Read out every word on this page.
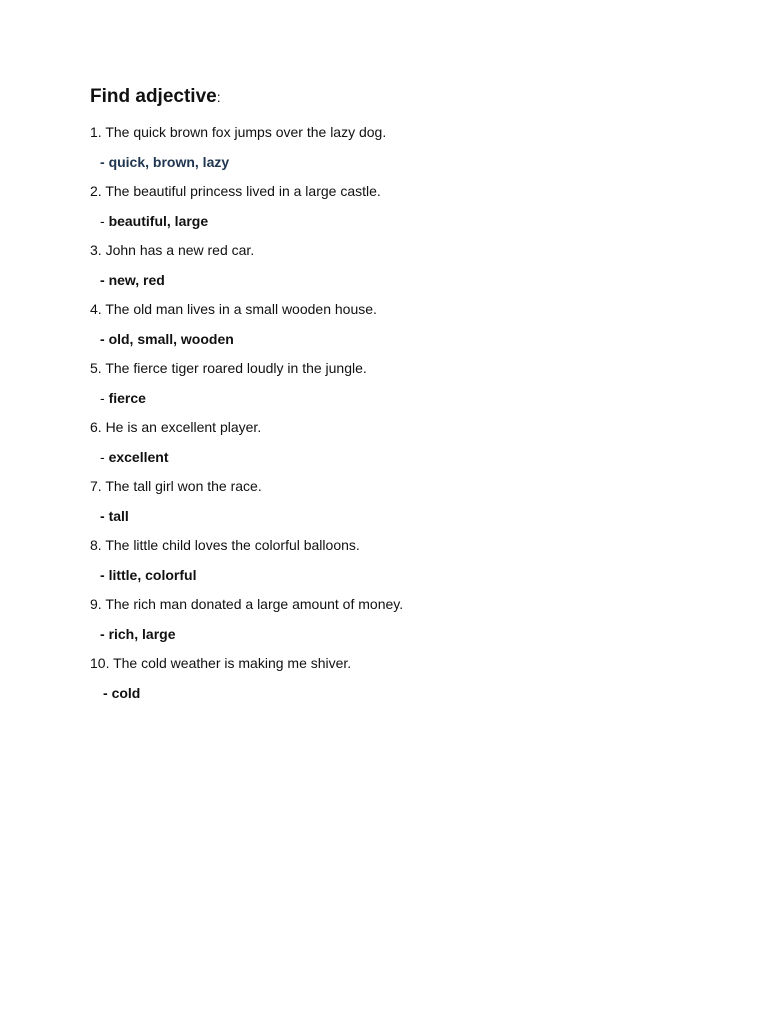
Find adjective:
1. The quick brown fox jumps over the lazy dog.
- quick, brown, lazy
2. The beautiful princess lived in a large castle.
- beautiful, large
3. John has a new red car.
- new, red
4. The old man lives in a small wooden house.
- old, small, wooden
5. The fierce tiger roared loudly in the jungle.
- fierce
6. He is an excellent player.
- excellent
7. The tall girl won the race.
- tall
8. The little child loves the colorful balloons.
- little, colorful
9. The rich man donated a large amount of money.
- rich, large
10. The cold weather is making me shiver.
- cold
